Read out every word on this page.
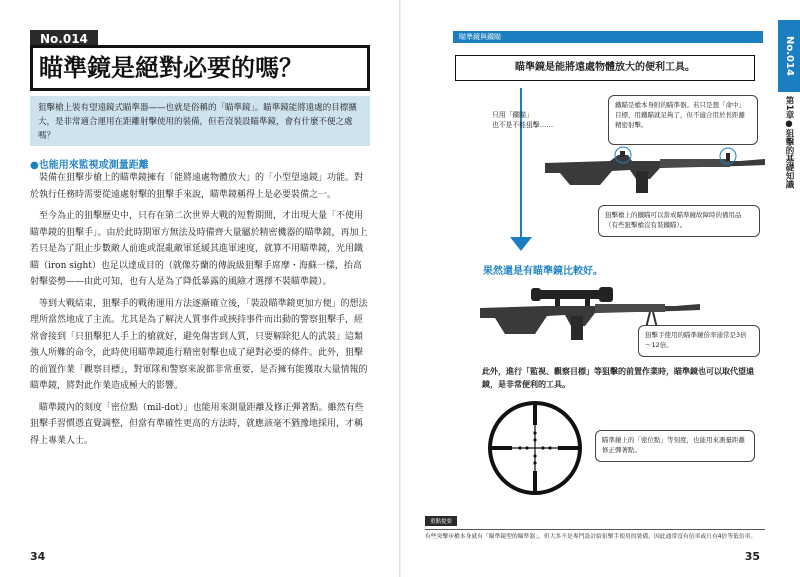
No.014
瞄準鏡是絕對必要的嗎？
狙擊槍上裝有望遠鏡式瞄準器——也就是俗稱的「瞄準鏡」。瞄準鏡能將遠處的目標擴大，是非常適合運用在距離射擊使用的裝備，但若沒裝設瞄準鏡，會有什麼不便之處嗎？
●也能用來監視或測量距離

裝備在狙擊步槍上的瞄準鏡擁有「能將遠處物體放大」的「小型望遠鏡」功能。對於執行任務時需要從遠處射擊的狙擊手來說，瞄準鏡稱得上是必要裝備之一。

至今為止的狙擊歷史中，只有在第二次世界大戰的短暫期間，才出現大量「不使用瞄準鏡的狙擊手」。由於此時期軍方無法及時備齊大量屬於精密機器的瞄準鏡，再加上若只是為了阻止步數敵人前進或混亂敵軍延緩其進軍速度，就算不用瞄準鏡，光用鐵瞄（iron sight）也足以達成目的（就像芬蘭的傳說級狙擊手席摩・海蘇一樣，抬高射擊姿勢——由此可知，也有人是為了降低暴露的風險才選擇不裝瞄準鏡）。

等到大戰結束，狙擊手的戰術運用方法逐漸確立後，「裝設瞄準鏡更加方便」的想法理所當然地成了主流。尤其是為了解決人質事件或挾持事件而出動的警察狙擊手，經常會接到「只狙擊犯人手上的槍就好，避免傷害到人質，只要解除犯人的武裝」這類強人所難的命令，此時使用瞄準鏡進行精密射擊也成了絕對必要的條件。此外，狙擊的前置作業「觀察目標」，對軍隊和警察來說都非常重要，是否擁有能獲取大量情報的瞄準鏡，將對此作業造成極大的影響。

瞄準鏡內的刻度「密位點（mil-dot）」也能用來測量距離及修正彈著點。雖然有些狙擊手習慣憑直覺調整，但當有準確性更高的方法時，就應該毫不猶豫地採用，才稱得上專業人士。

34
瞄準鏡與鐵瞄
瞄準鏡是能將遠處物體放大的便利工具。
只用「鐵瞄」
也不是不能狙擊……
鐵瞄是槍本身附的瞄準器。若只是想「命中」目標，用鐵瞄就足夠了，但不適合用於長距離精密射擊。
狙擊槍上的鐵瞄可以當成瞄準鏡故障時的備用品（有些狙擊槍沒有裝鐵瞄）。
果然還是有瞄準鏡比較好。
狙擊手使用的瞄準鏡倍率通常是3倍～12倍。
此外，進行「監視、觀察目標」等狙擊的前置作業時，瞄準鏡也可以取代望遠鏡，是非常便利的工具。
瞄準鏡上的「密位點」等刻度，也能用來測量距離修正彈著點。
重點提要
有些突擊步槍本身就有「瞄準鏡型的瞄準器」，但大多不是專門設計給狙擊手使用的裝備，因此通常沒有倍率或只有4倍等低倍率。
35
No.014
第1章●狙擊的基礎知識
